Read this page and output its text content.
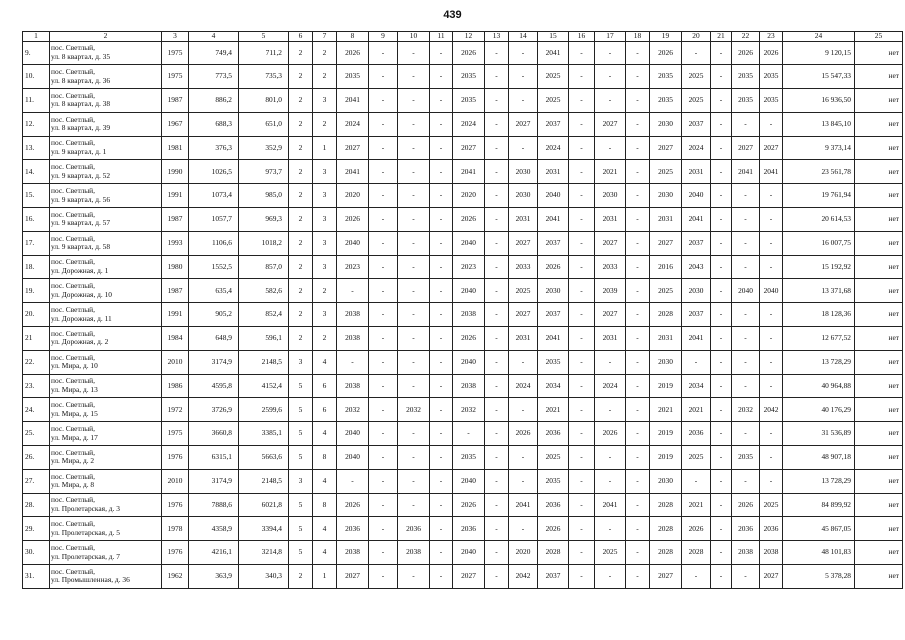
439
1	2	3	4	5	6	7	8	9	10	11	12	13	14	15	16	17	18	19	20	21	22	23	24	25
9.	пос. Светлый,
ул. 8 квартал, д. 35	1975	749,4	711,2	2	2	2026	-	-	-	2026	-	-	2041	-	-	-	2026	-	-	2026	2026	9 120,15	нет
10.	пос. Светлый,
ул. 8 квартал, д. 36	1975	773,5	735,3	2	2	2035	-	-	-	2035	-	-	2025	-	-	-	2035	2025	-	2035	2035	15 547,33	нет
11.	пос. Светлый,
ул. 8 квартал, д. 38	1987	886,2	801,0	2	3	2041	-	-	-	2035	-	-	2025	-	-	-	2035	2025	-	2035	2035	16 936,50	нет
12.	пос. Светлый,
ул. 8 квартал, д. 39	1967	688,3	651,0	2	2	2024	-	-	-	2024	-	2027	2037	-	2027	-	2030	2037	-	-	-	13 845,10	нет
13.	пос. Светлый,
ул. 9 квартал, д. 1	1981	376,3	352,9	2	1	2027	-	-	-	2027	-	-	2024	-	-	-	2027	2024	-	2027	2027	9 373,14	нет
14.	пос. Светлый,
ул. 9 квартал, д. 52	1990	1026,5	973,7	2	3	2041	-	-	-	2041	-	2030	2031	-	2021	-	2025	2031	-	2041	2041	23 561,78	нет
15.	пос. Светлый,
ул. 9 квартал, д. 56	1991	1073,4	985,0	2	3	2020	-	-	-	2020	-	2030	2040	-	2030	-	2030	2040	-	-	-	19 761,94	нет
16.	пос. Светлый,
ул. 9 квартал, д. 57	1987	1057,7	969,3	2	3	2026	-	-	-	2026	-	2031	2041	-	2031	-	2031	2041	-	-	-	20 614,53	нет
17.	пос. Светлый,
ул. 9 квартал, д. 58	1993	1106,6	1018,2	2	3	2040	-	-	-	2040	-	2027	2037	-	2027	-	2027	2037	-	-	-	16 007,75	нет
18.	пос. Светлый,
ул. Дорожная, д. 1	1980	1552,5	857,0	2	3	2023	-	-	-	2023	-	2033	2026	-	2033	-	2016	2043	-	-	-	15 192,92	нет
19.	пос. Светлый,
ул. Дорожная, д. 10	1987	635,4	582,6	2	2	-	-	-	-	2040	-	2025	2030	-	2039	-	2025	2030	-	2040	2040	13 371,68	нет
20.	пос. Светлый,
ул. Дорожная, д. 11	1991	905,2	852,4	2	3	2038	-	-	-	2038	-	2027	2037	-	2027	-	2028	2037	-	-	-	18 128,36	нет
21	пос. Светлый,
ул. Дорожная, д. 2	1984	648,9	596,1	2	2	2038	-	-	-	2026	-	2031	2041	-	2031	-	2031	2041	-	-	-	12 677,52	нет
22.	пос. Светлый,
ул. Мира, д. 10	2010	3174,9	2148,5	3	4	-	-	-	-	2040	-	-	2035	-	-	-	2030	-	-	-	-	13 728,29	нет
23.	пос. Светлый,
ул. Мира, д. 13	1986	4595,8	4152,4	5	6	2038	-	-	-	2038	-	2024	2034	-	2024	-	2019	2034	-	-	-	40 964,88	нет
24.	пос. Светлый,
ул. Мира, д. 15	1972	3726,9	2599,6	5	6	2032	-	2032	-	2032	-	-	2021	-	-	-	2021	2021	-	2032	2042	40 176,29	нет
25.	пос. Светлый,
ул. Мира, д. 17	1975	3660,8	3385,1	5	4	2040	-	-	-	-	-	2026	2036	-	2026	-	2019	2036	-	-	-	31 536,89	нет
26.	пос. Светлый,
ул. Мира, д. 2	1976	6315,1	5663,6	5	8	2040	-	-	-	2035	-	-	2025	-	-	-	2019	2025	-	2035	-	48 907,18	нет
27.	пос. Светлый,
ул. Мира, д. 8	2010	3174,9	2148,5	3	4	-	-	-	-	2040	-	-	2035	-	-	-	2030	-	-	-	-	13 728,29	нет
28.	пос. Светлый,
ул. Пролетарская, д. 3	1976	7888,6	6021,8	5	8	2026	-	-	-	2026	-	2041	2036	-	2041	-	2028	2021	-	2026	2025	84 899,92	нет
29.	пос. Светлый,
ул. Пролетарская, д. 5	1978	4358,9	3394,4	5	4	2036	-	2036	-	2036	-	-	2026	-	-	-	2028	2026	-	2036	2036	45 867,05	нет
30.	пос. Светлый,
ул. Пролетарская, д. 7	1976	4216,1	3214,8	5	4	2038	-	2038	-	2040	-	2020	2028	-	2025	-	2028	2028	-	2038	2038	48 101,83	нет
31.	пос. Светлый,
ул. Промышленная, д. 36	1962	363,9	340,3	2	1	2027	-	-	-	2027	-	2042	2037	-	-	-	2027	-	-	-	2027	5 378,28	нет
